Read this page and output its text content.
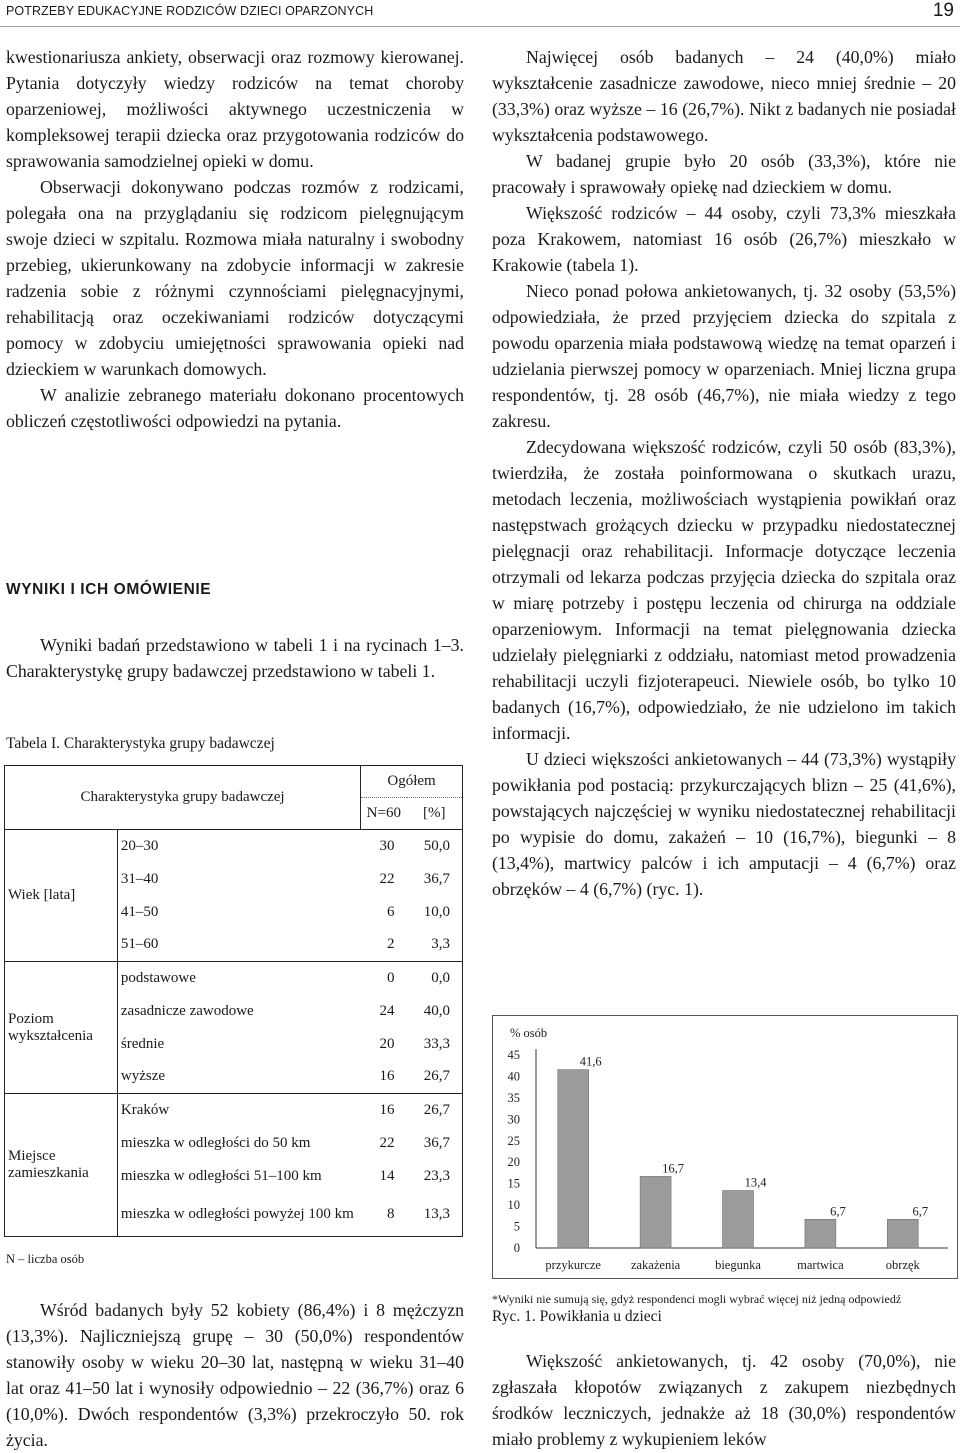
POTRZEBY EDUKACYJNE RODZICÓW DZIECI OPARZONYCH	19

kwestionariusza ankiety, obserwacji oraz rozmowy kierowanej. Pytania dotyczyły wiedzy rodziców na temat choroby oparzeniowej, możliwości aktywnego uczestniczenia w kompleksowej terapii dziecka oraz przygotowania rodziców do sprawowania samodzielnej opieki w domu.

Obserwacji dokonywano podczas rozmów z rodzicami, polegała ona na przyglądaniu się rodzicom pielęgnującym swoje dzieci w szpitalu. Rozmowa miała naturalny i swobodny przebieg, ukierunkowany na zdobycie informacji w zakresie radzenia sobie z różnymi czynnościami pielęgnacyjnymi, rehabilitacją oraz oczekiwaniami rodziców dotyczącymi pomocy w zdobyciu umiejętności sprawowania opieki nad dzieckiem w warunkach domowych.

W analizie zebranego materiału dokonano procentowych obliczeń częstotliwości odpowiedzi na pytania.

WYNIKI I ICH OMÓWIENIE

Wyniki badań przedstawiono w tabeli 1 i na rycinach 1–3. Charakterystykę grupy badawczej przedstawiono w tabeli 1.

Tabela I. Charakterystyka grupy badawczej
Charakterystyka grupy badawczej		Ogółem	
		N=60	[%]
Wiek [lata]	20–30	30	50,0
	31–40	22	36,7
	41–50	6	10,0
	51–60	2	3,3
Poziom wykształcenia	podstawowe	0	0,0
	zasadnicze zawodowe	24	40,0
	średnie	20	33,3
	wyższe	16	26,7
Miejsce zamieszkania	Kraków	16	26,7
	mieszka w odległości do 50 km	22	36,7
	mieszka w odległości 51–100 km	14	23,3
	mieszka w odległości powyżej 100 km	8	13,3
N – liczba osób

Wśród badanych były 52 kobiety (86,4%) i 8 mężczyzn (13,3%). Najliczniejszą grupę – 30 (50,0%) respondentów stanowiły osoby w wieku 20–30 lat, następną w wieku 31–40 lat oraz 41–50 lat i wynosiły odpowiednio – 22 (36,7%) oraz 6 (10,0%). Dwóch respondentów (3,3%) przekroczyło 50. rok życia.

Najwięcej osób badanych – 24 (40,0%) miało wykształcenie zasadnicze zawodowe, nieco mniej średnie – 20 (33,3%) oraz wyższe – 16 (26,7%). Nikt z badanych nie posiadał wykształcenia podstawowego.

W badanej grupie było 20 osób (33,3%), które nie pracowały i sprawowały opiekę nad dzieckiem w domu.

Większość rodziców – 44 osoby, czyli 73,3% mieszkała poza Krakowem, natomiast 16 osób (26,7%) mieszkało w Krakowie (tabela 1).

Nieco ponad połowa ankietowanych, tj. 32 osoby (53,5%) odpowiedziała, że przed przyjęciem dziecka do szpitala z powodu oparzenia miała podstawową wiedzę na temat oparzeń i udzielania pierwszej pomocy w oparzeniach. Mniej liczna grupa respondentów, tj. 28 osób (46,7%), nie miała wiedzy z tego zakresu.

Zdecydowana większość rodziców, czyli 50 osób (83,3%), twierdziła, że została poinformowana o skutkach urazu, metodach leczenia, możliwościach wystąpienia powikłań oraz następstwach grożących dziecku w przypadku niedostatecznej pielęgnacji oraz rehabilitacji. Informacje dotyczące leczenia otrzymali od lekarza podczas przyjęcia dziecka do szpitala oraz w miarę potrzeby i postępu leczenia od chirurga na oddziale oparzeniowym. Informacji na temat pielęgnowania dziecka udzielały pielęgniarki z oddziału, natomiast metod prowadzenia rehabilitacji uczyli fizjoterapeuci. Niewiele osób, bo tylko 10 badanych (16,7%), odpowiedziało, że nie udzielono im takich informacji.

U dzieci większości ankietowanych – 44 (73,3%) wystąpiły powikłania pod postacią: przykurczających blizn – 25 (41,6%), powstających najczęściej w wyniku niedostatecznej rehabilitacji po wypisie do domu, zakażeń – 10 (16,7%), biegunki – 8 (13,4%), martwicy palców i ich amputacji – 4 (6,7%) oraz obrzęków – 4 (6,7%) (ryc. 1).

% osób
0
5
10
15
20
25
30
35
40
45	41,6
przykurcze
16,7
zakażenia
13,4
biegunka
6,7
martwica
6,7
obrzęk
*Wyniki nie sumują się, gdyż respondenci mogli wybrać więcej niż jedną odpowiedź
Ryc. 1. Powikłania u dzieci

Większość ankietowanych, tj. 42 osoby (70,0%), nie zgłaszała kłopotów związanych z zakupem niezbędnych środków leczniczych, jednakże aż 18 (30,0%) respondentów miało problemy z wykupieniem leków
